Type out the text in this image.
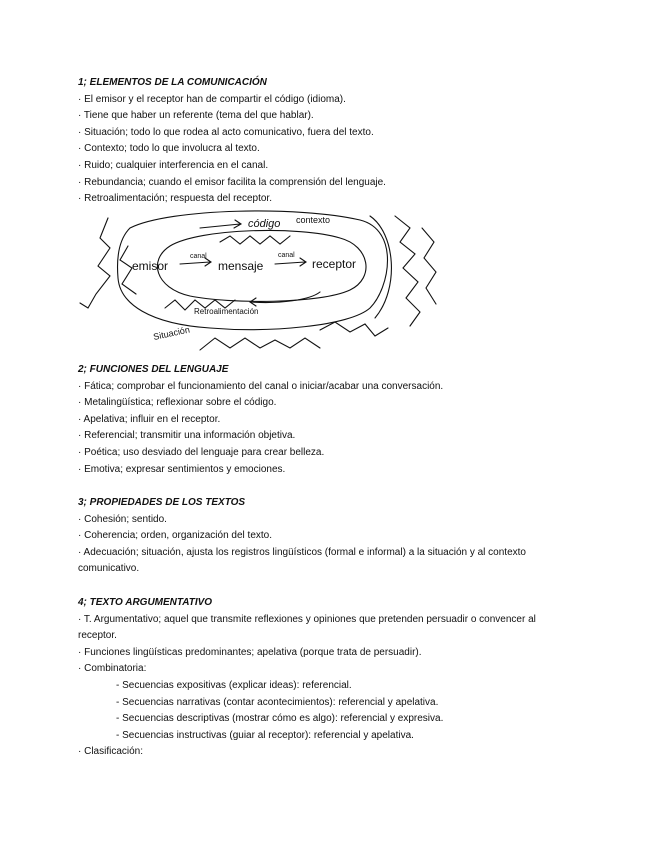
1; ELEMENTOS DE LA COMUNICACIÓN
· El emisor y el receptor han de compartir el código (idioma).
· Tiene que haber un referente (tema del que hablar).
· Situación; todo lo que rodea al acto comunicativo, fuera del texto.
· Contexto; todo lo que involucra al texto.
· Ruido; cualquier interferencia en el canal.
· Rebundancia; cuando el emisor facilita la comprensión del lenguaje.
· Retroalimentación; respuesta del receptor.
código contexto
canal	canal
emisor	mensaje	receptor
Retroalimentación
Situación
2; FUNCIONES DEL LENGUAJE
· Fática; comprobar el funcionamiento del canal o iniciar/acabar una conversación.
· Metalingüística; reflexionar sobre el código.
· Apelativa; influir en el receptor.
· Referencial; transmitir una información objetiva.
· Poética; uso desviado del lenguaje para crear belleza.
· Emotiva; expresar sentimientos y emociones.
3; PROPIEDADES DE LOS TEXTOS
· Cohesión; sentido.
· Coherencia; orden, organización del texto.
· Adecuación; situación, ajusta los registros lingüísticos (formal e informal) a la situación y al contexto
comunicativo.
4; TEXTO ARGUMENTATIVO
· T. Argumentativo; aquel que transmite reflexiones y opiniones que pretenden persuadir o convencer al
receptor.
· Funciones lingüísticas predominantes; apelativa (porque trata de persuadir).
· Combinatoria:
- Secuencias expositivas (explicar ideas): referencial.
- Secuencias narrativas (contar acontecimientos): referencial y apelativa.
- Secuencias descriptivas (mostrar cómo es algo): referencial y expresiva.
- Secuencias instructivas (guiar al receptor): referencial y apelativa.
· Clasificación:
